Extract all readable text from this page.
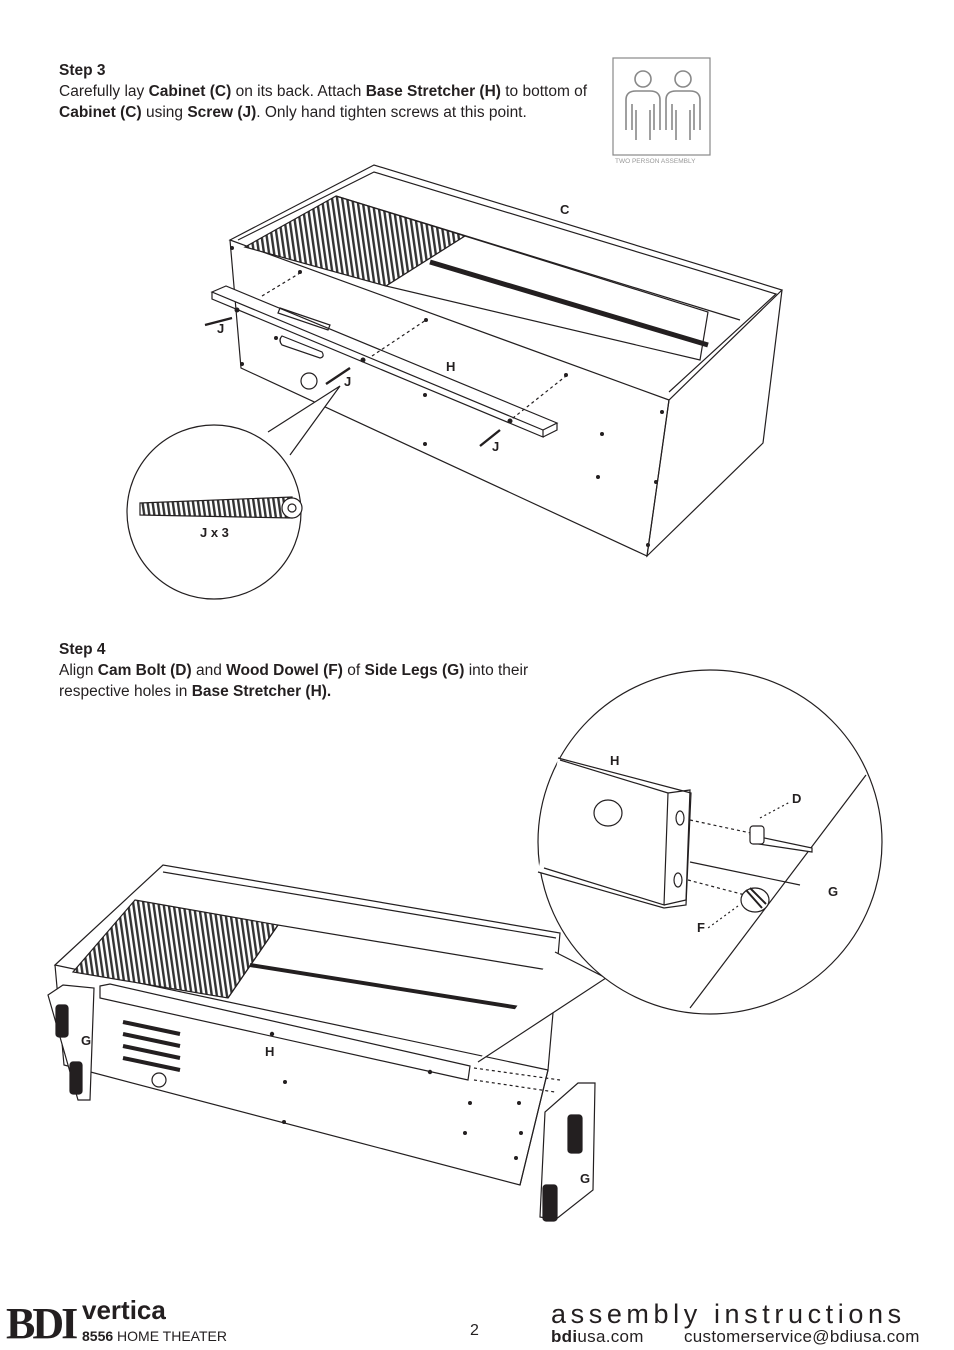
Step 3

Carefully lay Cabinet (C) on its back. Attach Base Stretcher (H) to bottom of Cabinet (C) using Screw (J). Only hand tighten screws at this point.

Step 4

Align Cam Bolt (D) and Wood Dowel (F) of Side Legs (G) into their respective holes in Base Stretcher (H).

TWO PERSON ASSEMBLY
C
H
J
J
J
J x 3
H
D
G
F
G
H
G
BDI vertica
8556 HOME THEATER	2
assembly instructions
bdiusa.com customerservice@bdiusa.com
